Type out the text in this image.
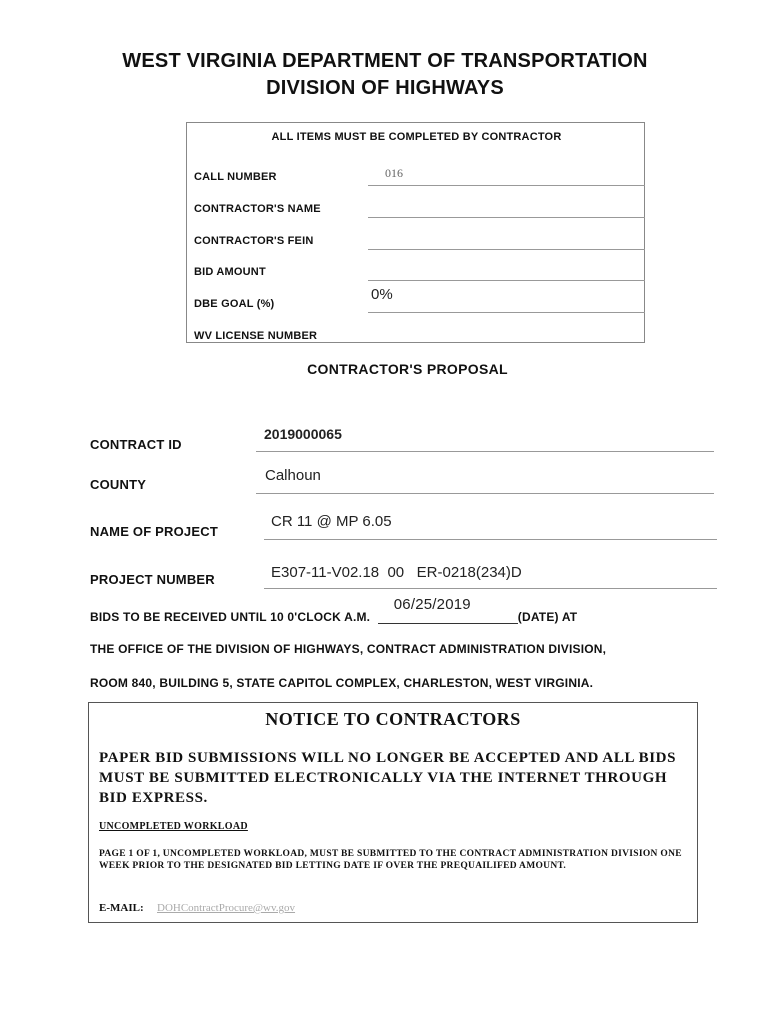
WEST VIRGINIA DEPARTMENT OF TRANSPORTATION
DIVISION OF HIGHWAYS
ALL ITEMS MUST BE COMPLETED BY CONTRACTOR
CALL NUMBER	016
CONTRACTOR'S NAME
CONTRACTOR'S FEIN
BID AMOUNT
0%
DBE GOAL (%)
WV LICENSE NUMBER
CONTRACTOR'S PROPOSAL
CONTRACT ID
2019000065
COUNTY
Calhoun
NAME OF PROJECT
CR 11 @ MP 6.05
PROJECT NUMBER	E307-11-V02.18  00   ER-0218(234)D
BIDS TO BE RECEIVED UNTIL 10 0'CLOCK A.M.
06/25/2019
(DATE) AT
THE OFFICE OF THE DIVISION OF HIGHWAYS, CONTRACT ADMINISTRATION DIVISION,
ROOM 840, BUILDING 5, STATE CAPITOL COMPLEX, CHARLESTON, WEST VIRGINIA.
NOTICE TO CONTRACTORS
PAPER BID SUBMISSIONS WILL NO LONGER BE ACCEPTED AND ALL BIDS MUST BE SUBMITTED ELECTRONICALLY VIA THE INTERNET THROUGH BID EXPRESS.
UNCOMPLETED WORKLOAD
PAGE 1 OF 1, UNCOMPLETED WORKLOAD, MUST BE SUBMITTED TO THE CONTRACT ADMINISTRATION DIVISION ONE WEEK PRIOR TO THE DESIGNATED BID LETTING DATE IF OVER THE PREQUAILIFED AMOUNT.
E-MAIL: DOHContractProcure@wv.gov
